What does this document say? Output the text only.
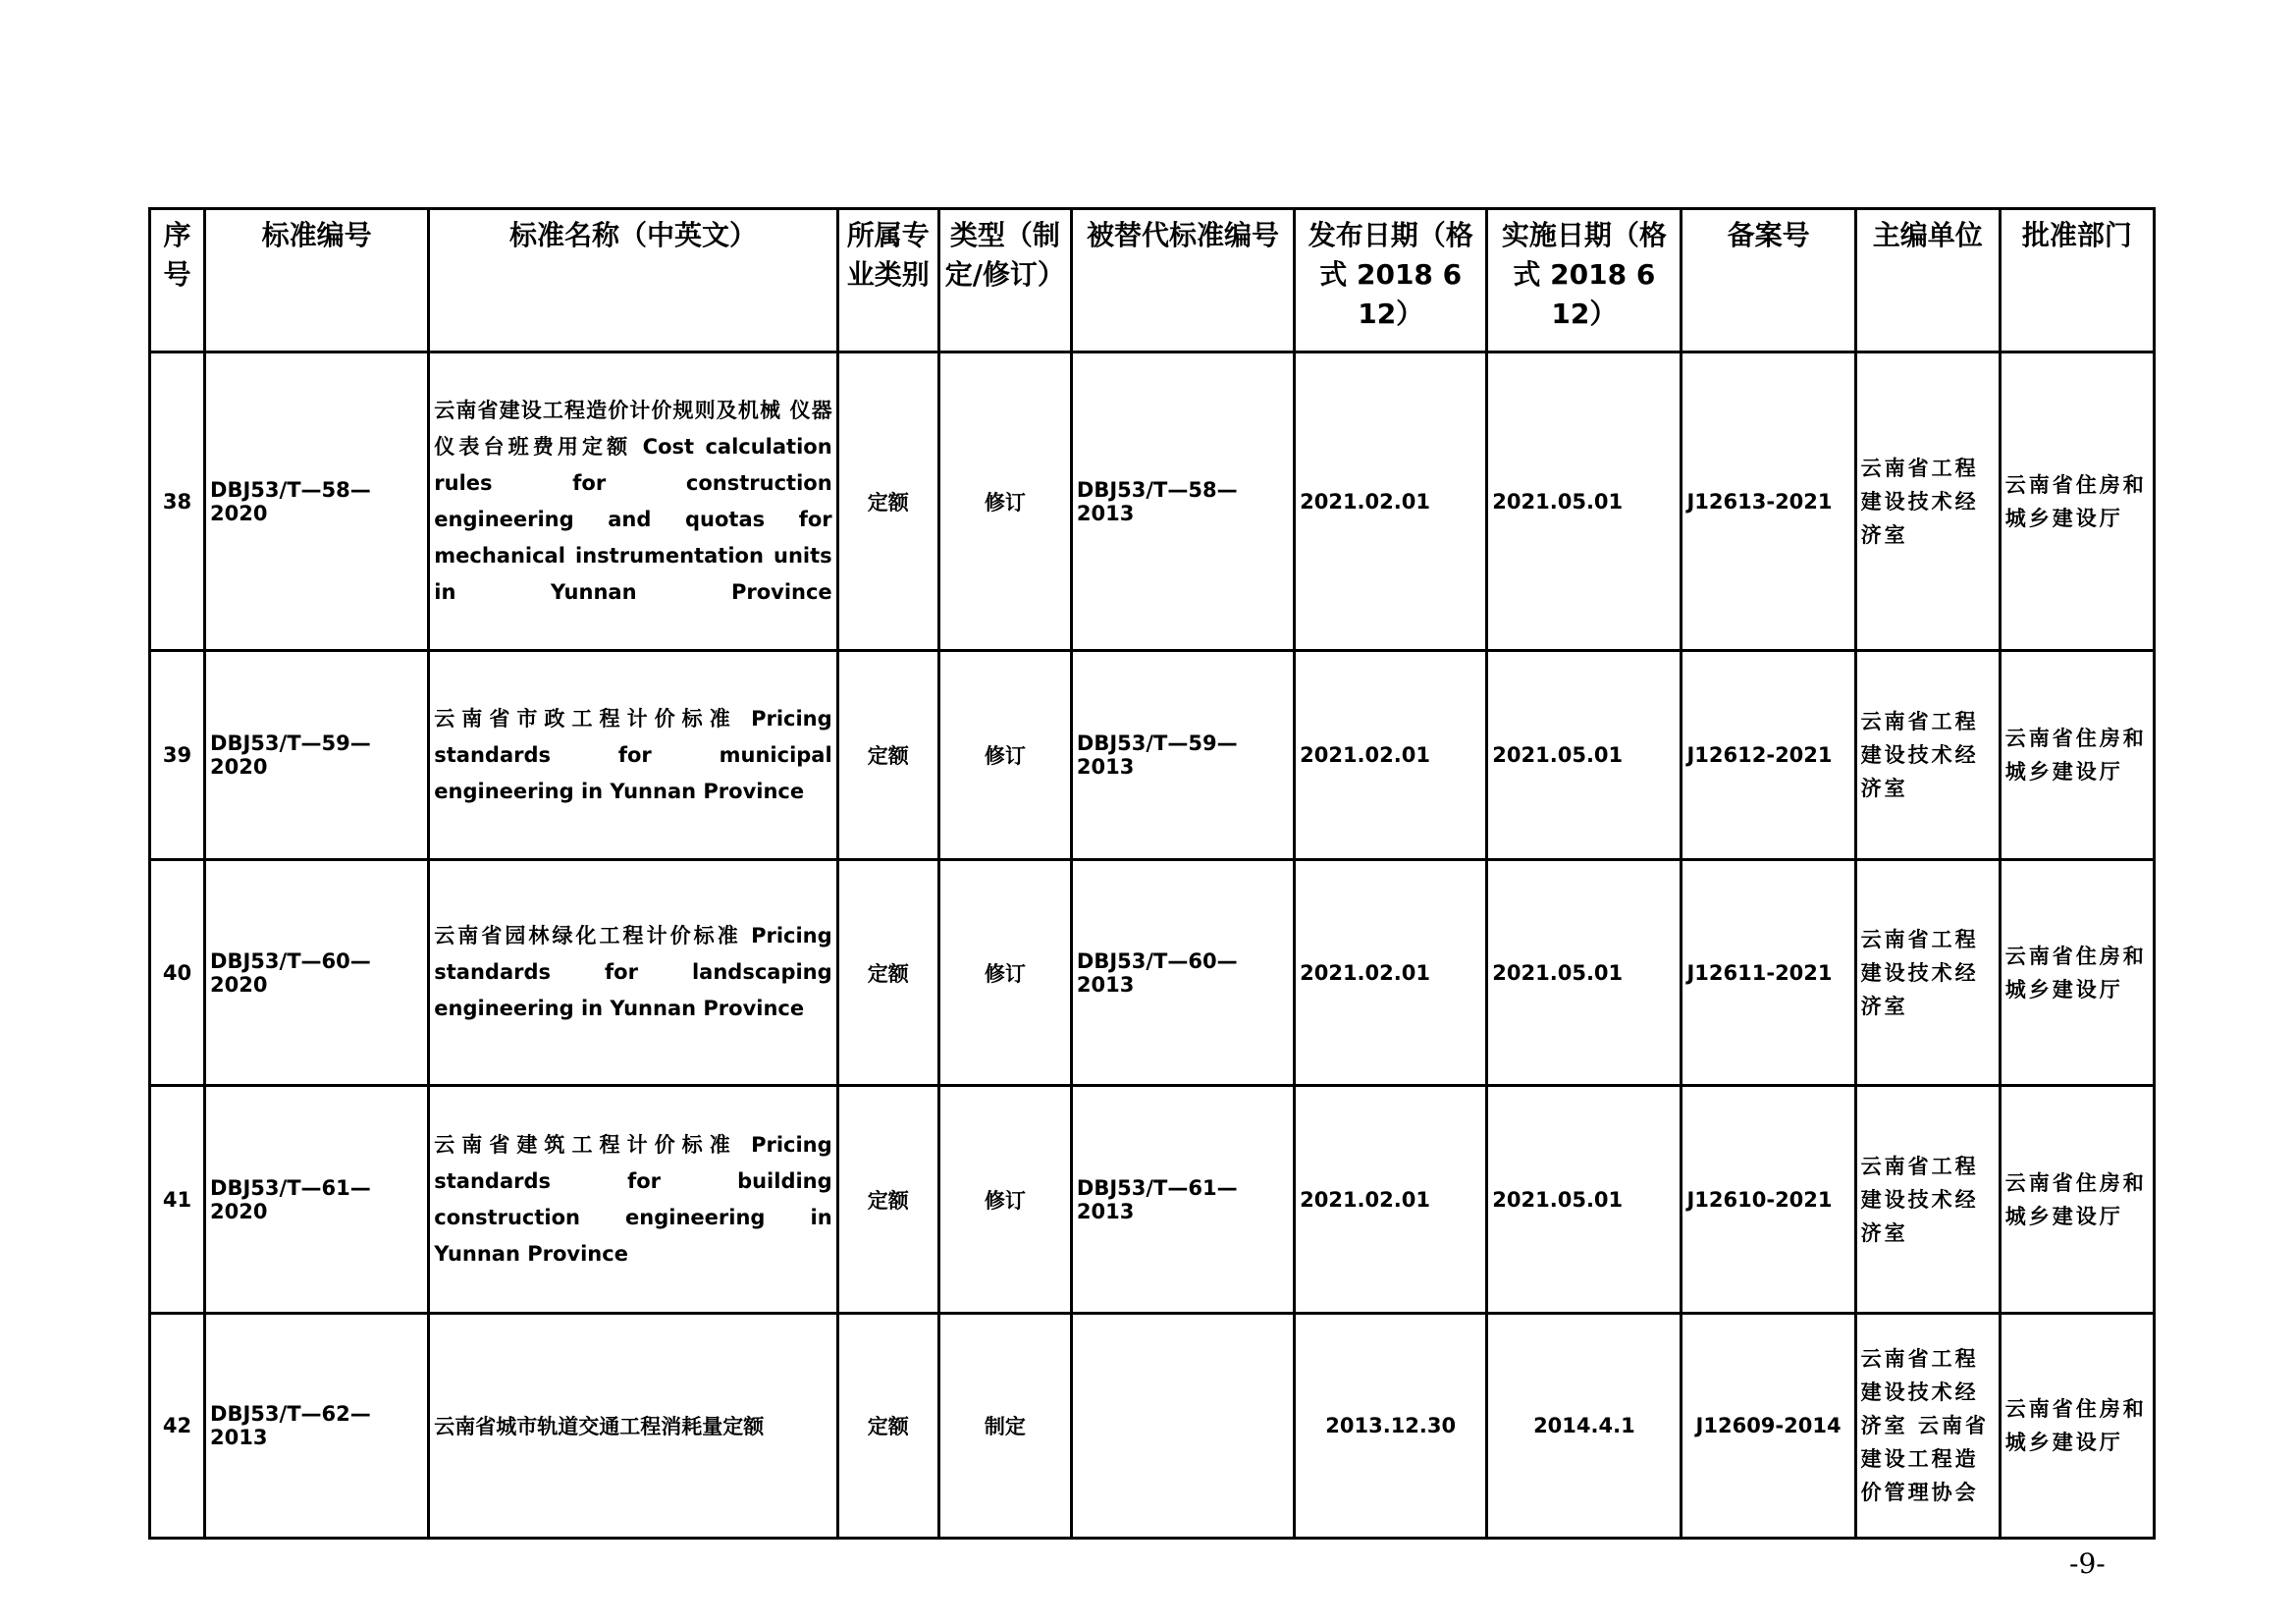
序号	标准编号	标准名称（中英文）	所属专业类别	类型（制定/修订）	被替代标准编号	发布日期（格式 2018 6 12）	实施日期（格式 2018 6 12）	备案号	主编单位	批准部门
38	DBJ53/T—58—2020	云南省建设工程造价计价规则及机械 仪器仪表台班费用定额 Cost calculation rules for construction engineering and quotas for mechanical instrumentation units in Yunnan Province	定额	修订	DBJ53/T—58—2013	2021.02.01	2021.05.01	J12613-2021	云南省工程建设技术经济室	云南省住房和城乡建设厅
39	DBJ53/T—59—2020	云南省市政工程计价标准 Pricing standards for municipal engineering in Yunnan Province	定额	修订	DBJ53/T—59—2013	2021.02.01	2021.05.01	J12612-2021	云南省工程建设技术经济室	云南省住房和城乡建设厅
40	DBJ53/T—60—2020	云南省园林绿化工程计价标准 Pricing standards for landscaping engineering in Yunnan Province	定额	修订	DBJ53/T—60—2013	2021.02.01	2021.05.01	J12611-2021	云南省工程建设技术经济室	云南省住房和城乡建设厅
41	DBJ53/T—61—2020	云南省建筑工程计价标准 Pricing standards for building construction engineering in Yunnan Province	定额	修订	DBJ53/T—61—2013	2021.02.01	2021.05.01	J12610-2021	云南省工程建设技术经济室	云南省住房和城乡建设厅
42	DBJ53/T—62—2013	云南省城市轨道交通工程消耗量定额	定额	制定		2013.12.30	2014.4.1	J12609-2014	云南省工程建设技术经济室 云南省建设工程造价管理协会	云南省住房和城乡建设厅
-9-
